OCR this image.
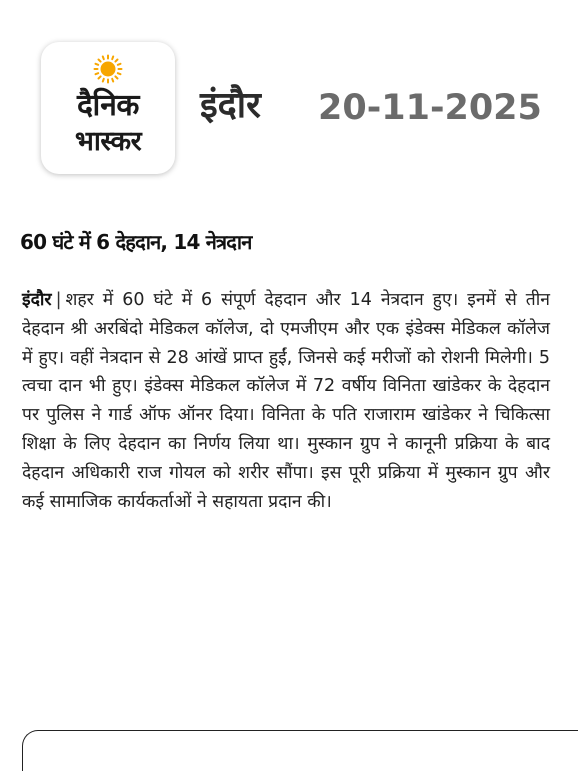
दैनिक
भास्कर
इंदौर 20-11-2025
60 घंटे में 6 देहदान, 14 नेत्रदान

इंदौर | शहर में 60 घंटे में 6 संपूर्ण देहदान और 14 नेत्रदान हुए। इनमें से तीन देहदान श्री अरबिंदो मेडिकल कॉलेज, दो एमजीएम और एक इंडेक्स मेडिकल कॉलेज में हुए। वहीं नेत्रदान से 28 आंखें प्राप्त हुईं, जिनसे कई मरीजों को रोशनी मिलेगी। 5 त्वचा दान भी हुए। इंडेक्स मेडिकल कॉलेज में 72 वर्षीय विनिता खांडेकर के देहदान पर पुलिस ने गार्ड ऑफ ऑनर दिया। विनिता के पति राजाराम खांडेकर ने चिकित्सा शिक्षा के लिए देहदान का निर्णय लिया था। मुस्कान ग्रुप ने कानूनी प्रक्रिया के बाद देहदान अधिकारी राज गोयल को शरीर सौंपा। इस पूरी प्रक्रिया में मुस्कान ग्रुप और कई सामाजिक कार्यकर्ताओं ने सहायता प्रदान की।
